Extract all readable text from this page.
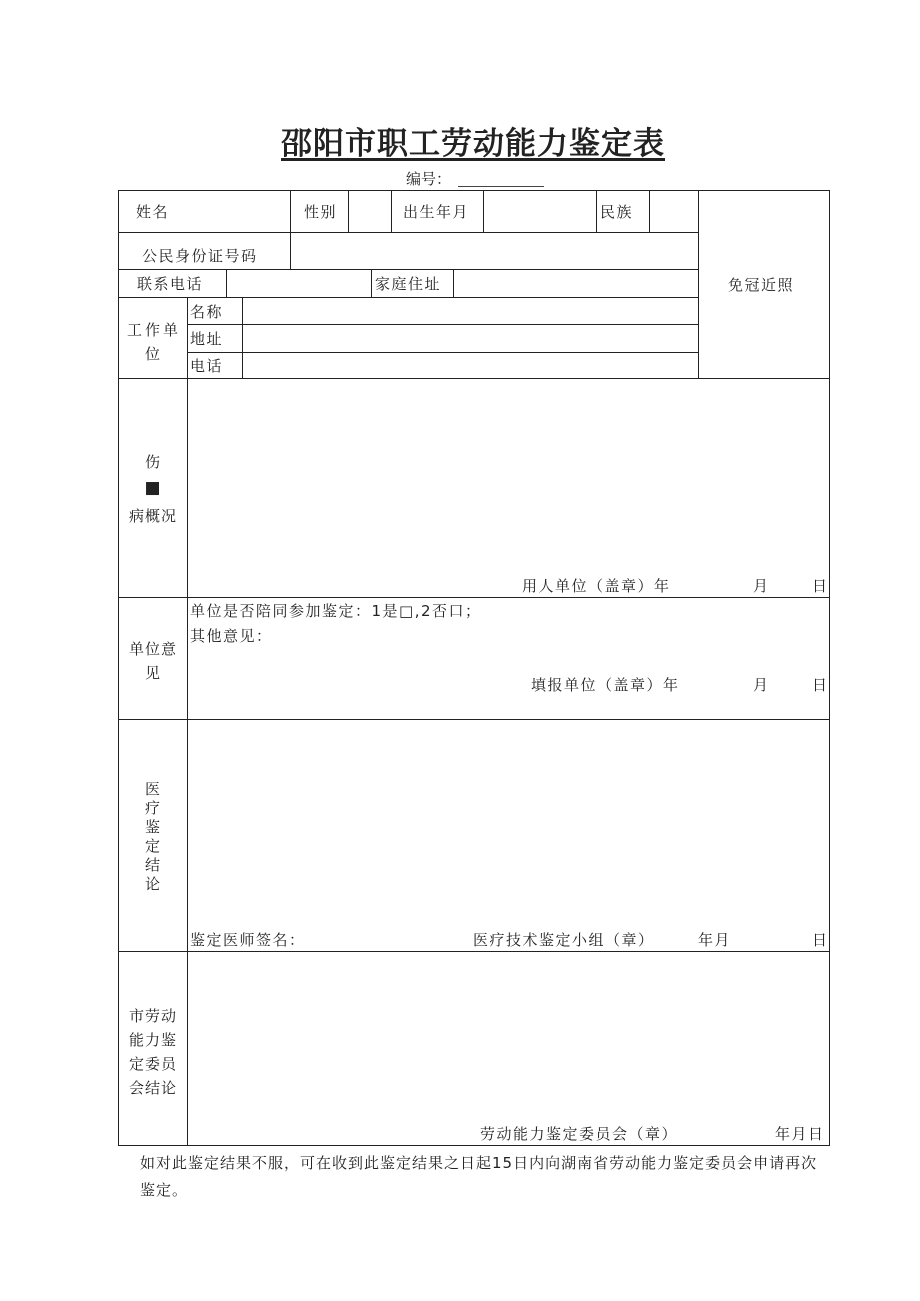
邵阳市职工劳动能力鉴定表
编号：
姓名	性别	出生年月	民族
公民身份证号码
联系电话	家庭住址	免冠近照
工作单位
名称
地址
电话
伤
■
病概况
用人单位（盖章）年	月	日
单位意
见
单位是否陪同参加鉴定：1是□,2否口；
其他意见：
填报单位（盖章）年	月	日
医
疗
鉴
定
结
论
鉴定医师签名：	医疗技术鉴定小组（章）	年月	日
市劳动
能力鉴
定委员
会结论
劳动能力鉴定委员会（章）	年月日
如对此鉴定结果不服，可在收到此鉴定结果之日起15日内向湖南省劳动能力鉴定委员会申请再次鉴定。
